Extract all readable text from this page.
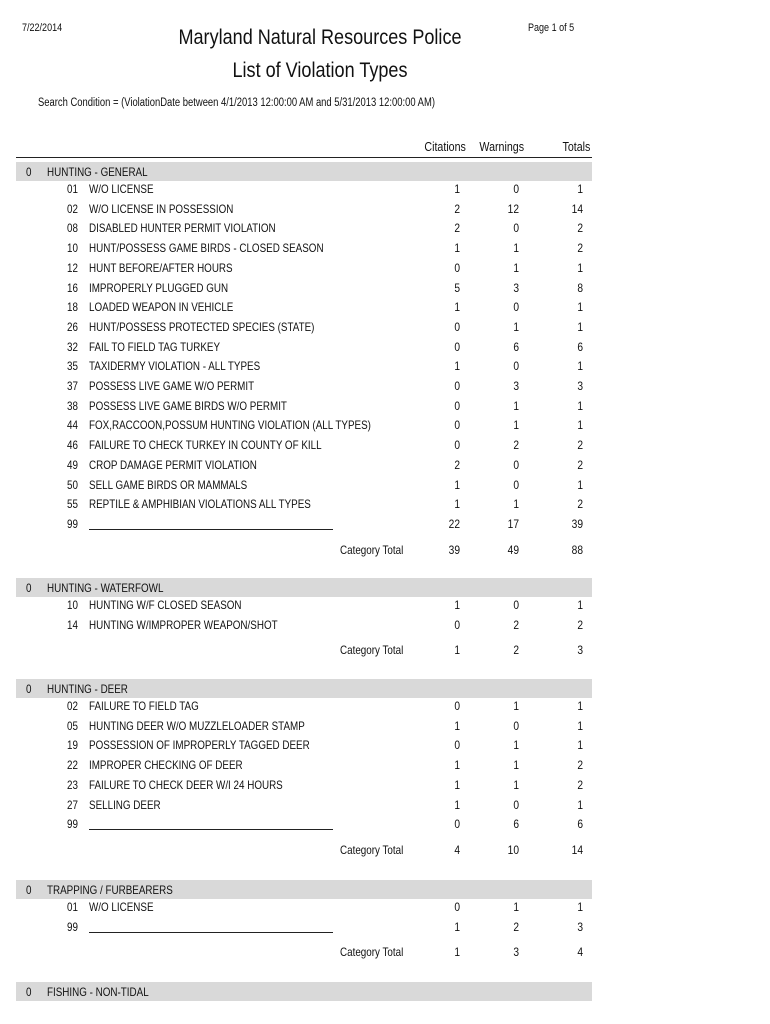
7/22/2014	Page 1 of 5
Maryland Natural Resources Police
List of Violation Types
Search Condition = (ViolationDate between 4/1/2013 12:00:00 AM and 5/31/2013 12:00:00 AM)
Citations	Warnings	Totals
0 HUNTING - GENERAL
01 W/O LICENSE	1	0	1
02 W/O LICENSE IN POSSESSION	2	12	14
08 DISABLED HUNTER PERMIT VIOLATION	2	0	2
10 HUNT/POSSESS GAME BIRDS - CLOSED SEASON	1	1	2
12 HUNT BEFORE/AFTER HOURS	0	1	1
16 IMPROPERLY PLUGGED GUN	5	3	8
18 LOADED WEAPON IN VEHICLE	1	0	1
26 HUNT/POSSESS PROTECTED SPECIES (STATE)	0	1	1
32 FAIL TO FIELD TAG TURKEY	0	6	6
35 TAXIDERMY VIOLATION - ALL TYPES	1	0	1
37 POSSESS LIVE GAME W/O PERMIT	0	3	3
38 POSSESS LIVE GAME BIRDS W/O PERMIT	0	1	1
44 FOX,RACCOON,POSSUM HUNTING VIOLATION (ALL TYPES)	0	1	1
46 FAILURE TO CHECK TURKEY IN COUNTY OF KILL	0	2	2
49 CROP DAMAGE PERMIT VIOLATION	2	0	2
50 SELL GAME BIRDS OR MAMMALS	1	0	1
55 REPTILE & AMPHIBIAN VIOLATIONS ALL TYPES	1	1	2
99	22	17	39
Category Total	39	49	88
0 HUNTING - WATERFOWL
10 HUNTING W/F CLOSED SEASON	1	0	1
14 HUNTING W/IMPROPER WEAPON/SHOT	0	2	2
Category Total	1	2	3
0 HUNTING - DEER
02 FAILURE TO FIELD TAG	0	1	1
05 HUNTING DEER W/O MUZZLELOADER STAMP	1	0	1
19 POSSESSION OF IMPROPERLY TAGGED DEER	0	1	1
22 IMPROPER CHECKING OF DEER	1	1	2
23 FAILURE TO CHECK DEER W/I 24 HOURS	1	1	2
27 SELLING DEER	1	0	1
99	0	6	6
Category Total	4	10	14
0 TRAPPING / FURBEARERS
01 W/O LICENSE	0	1	1
99	1	2	3
Category Total	1	3	4
0 FISHING - NON-TIDAL
